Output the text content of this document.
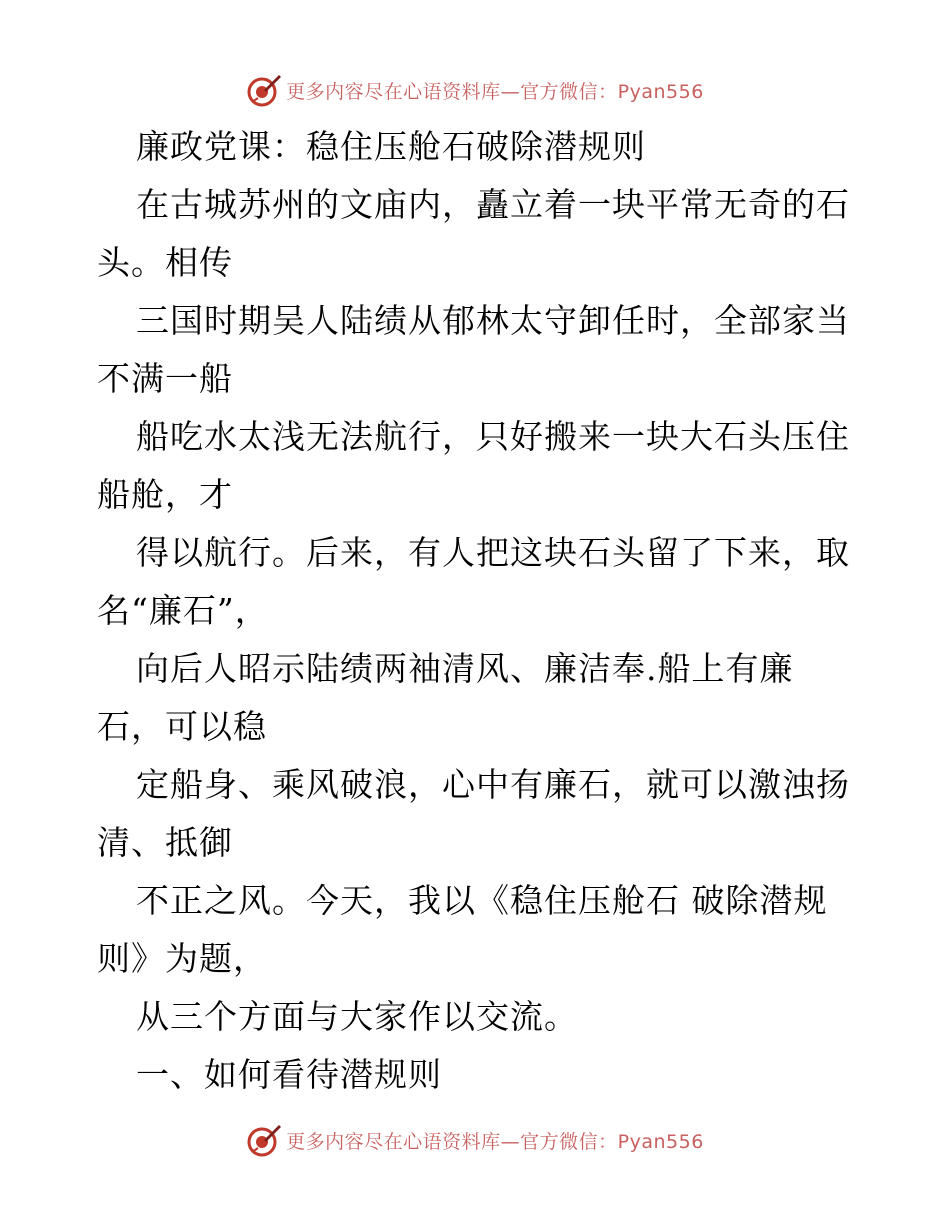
更多内容尽在心语资料库—官方微信：Pyan556
廉政党课：稳住压舱石破除潜规则
在古城苏州的文庙内，矗立着一块平常无奇的石
头。相传
三国时期吴人陆绩从郁林太守卸任时，全部家当
不满一船
船吃水太浅无法航行，只好搬来一块大石头压住
船舱，才
得以航行。后来，有人把这块石头留了下来，取
名“廉石”，
向后人昭示陆绩两袖清风、廉洁奉.船上有廉
石，可以稳
定船身、乘风破浪，心中有廉石，就可以激浊扬
清、抵御
不正之风。今天，我以《稳住压舱石 破除潜规
则》为题，
从三个方面与大家作以交流。
一、如何看待潜规则
更多内容尽在心语资料库—官方微信：Pyan556
